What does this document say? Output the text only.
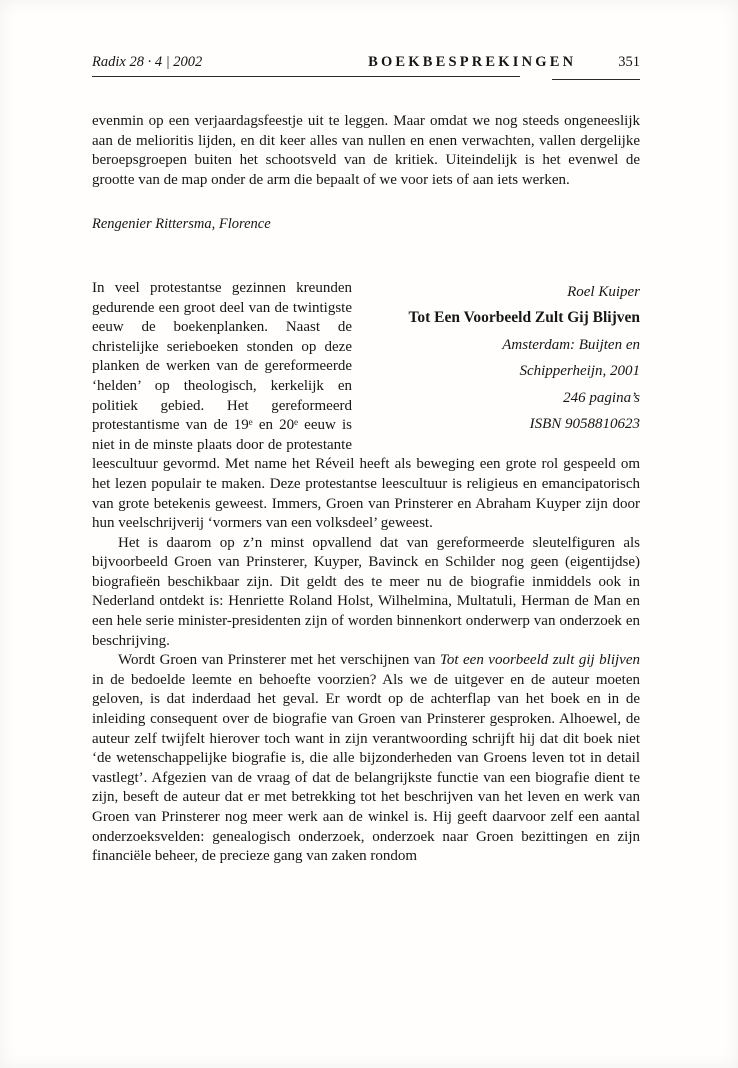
Radix 28 · 4 | 2002	BOEKBESPREKINGEN	351

evenmin op een verjaardagsfeestje uit te leggen. Maar omdat we nog steeds ongeneeslijk aan de melioritis lijden, en dit keer alles van nullen en enen verwachten, vallen dergelijke beroepsgroepen buiten het schootsveld van de kritiek. Uiteindelijk is het evenwel de grootte van de map onder de arm die bepaalt of we voor iets of aan iets werken.

Rengenier Rittersma, Florence

Roel Kuiper
Tot Een Voorbeeld Zult Gij Blijven
Amsterdam: Buijten en
Schipperheijn, 2001
246 pagina’s
ISBN 9058810623

In veel protestantse gezinnen kreunden gedurende een groot deel van de twintigste eeuw de boekenplanken. Naast de christelijke serieboeken stonden op deze planken de werken van de gereformeerde ‘helden’ op theologisch, kerkelijk en politiek gebied. Het gereformeerd protestantisme van de 19ᵉ en 20ᵉ eeuw is niet in de minste plaats door de protestante leescultuur gevormd. Met name het Réveil heeft als beweging een grote rol gespeeld om het lezen populair te maken. Deze protestantse leescultuur is religieus en emancipatorisch van grote betekenis geweest. Immers, Groen van Prinsterer en Abraham Kuyper zijn door hun veelschrijverij ‘vormers van een volksdeel’ geweest.

Het is daarom op z’n minst opvallend dat van gereformeerde sleutelfiguren als bijvoorbeeld Groen van Prinsterer, Kuyper, Bavinck en Schilder nog geen (eigentijdse) biografieën beschikbaar zijn. Dit geldt des te meer nu de biografie inmiddels ook in Nederland ontdekt is: Henriette Roland Holst, Wilhelmina, Multatuli, Herman de Man en een hele serie minister-presidenten zijn of worden binnenkort onderwerp van onderzoek en beschrijving.

Wordt Groen van Prinsterer met het verschijnen van Tot een voorbeeld zult gij blijven in de bedoelde leemte en behoefte voorzien? Als we de uitgever en de auteur moeten geloven, is dat inderdaad het geval. Er wordt op de achterflap van het boek en in de inleiding consequent over de biografie van Groen van Prinsterer gesproken. Alhoewel, de auteur zelf twijfelt hierover toch want in zijn verantwoording schrijft hij dat dit boek niet ‘de wetenschappelijke biografie is, die alle bijzonderheden van Groens leven tot in detail vastlegt’. Afgezien van de vraag of dat de belangrijkste functie van een biografie dient te zijn, beseft de auteur dat er met betrekking tot het beschrijven van het leven en werk van Groen van Prinsterer nog meer werk aan de winkel is. Hij geeft daarvoor zelf een aantal onderzoeksvelden: genealogisch onderzoek, onderzoek naar Groen bezittingen en zijn financiële beheer, de precieze gang van zaken rondom
